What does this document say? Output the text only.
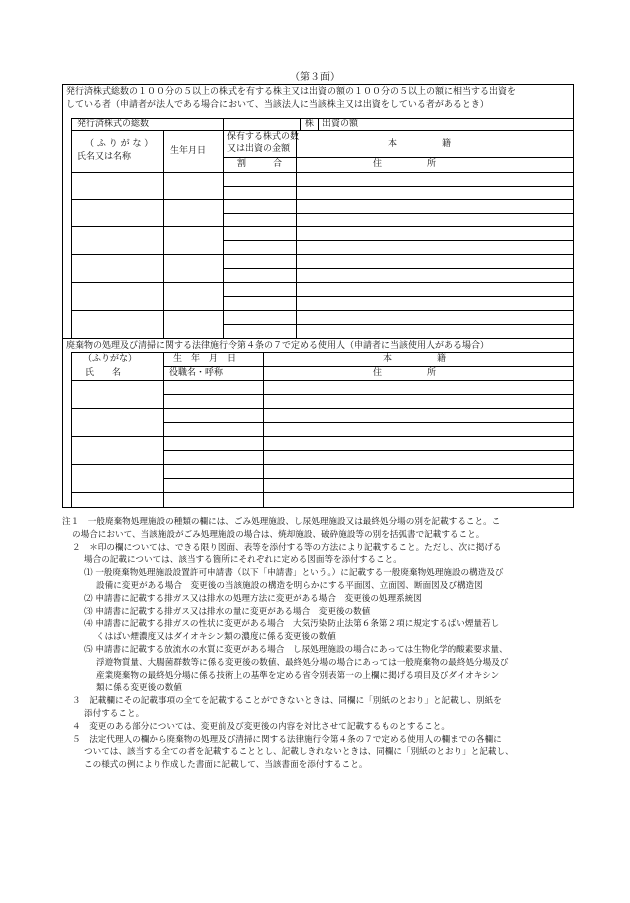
（第３面）
発行済株式総数の１００分の５以上の株式を有する株主又は出資の額の１００分の５以上の額に相当する出資を
している者（申請者が法人である場合において、当該法人に当該株主又は出資をしている者があるとき）
発行済株式の総数	株 出資の額
（ ふ り が な ）
氏名又は名称
生年月日
保有する株式の数
又は出資の金額
割　　　合
本　　　　　籍
住　　　　　所
廃棄物の処理及び清掃に関する法律施行令第４条の７で定める使用人（申請者に当該使用人がある場合）
（ふりがな）
氏　　名
生　年　月　日
役職名・呼称
本　　　　　籍
住　　　　　所

注１　一般廃棄物処理施設の種類の欄には、ごみ処理施設、し尿処理施設又は最終処分場の別を記載すること。こ

の場合において、当該施設がごみ処理施設の場合は、焼却施設、破砕施設等の別を括弧書で記載すること。

２　＊印の欄については、できる限り図面、表等を添付する等の方法により記載すること。ただし、次に掲げる

場合の記載については、該当する箇所にそれぞれに定める図面等を添付すること。

⑴ 一般廃棄物処理施設設置許可申請書（以下「申請書」という。）に記載する一般廃棄物処理施設の構造及び

設備に変更がある場合　変更後の当該施設の構造を明らかにする平面図、立面図、断面図及び構造図

⑵ 申請書に記載する排ガス又は排水の処理方法に変更がある場合　変更後の処理系統図

⑶ 申請書に記載する排ガス又は排水の量に変更がある場合　変更後の数値

⑷ 申請書に記載する排ガスの性状に変更がある場合　大気汚染防止法第６条第２項に規定するばい煙量若し

くはばい煙濃度又はダイオキシン類の濃度に係る変更後の数値

⑸ 申請書に記載する放流水の水質に変更がある場合　し尿処理施設の場合にあっては生物化学的酸素要求量、

浮遊物質量、大腸菌群数等に係る変更後の数値、最終処分場の場合にあっては一般廃棄物の最終処分場及び

産業廃棄物の最終処分場に係る技術上の基準を定める省令別表第一の上欄に掲げる項目及びダイオキシン

類に係る変更後の数値

３　記載欄にその記載事項の全てを記載することができないときは、同欄に「別紙のとおり」と記載し、別紙を

添付すること。

４　変更のある部分については、変更前及び変更後の内容を対比させて記載するものとすること。

５　法定代理人の欄から廃棄物の処理及び清掃に関する法律施行令第４条の７で定める使用人の欄までの各欄に

ついては、該当する全ての者を記載することとし、記載しきれないときは、同欄に「別紙のとおり」と記載し、

この様式の例により作成した書面に記載して、当該書面を添付すること。
